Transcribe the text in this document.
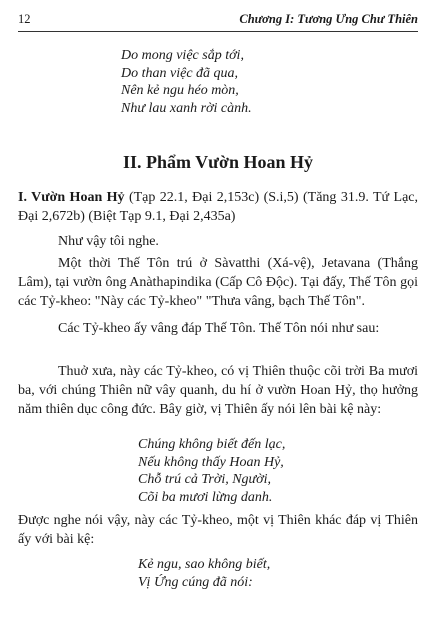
12	Chương I: Tương Ưng Chư Thiên
Do mong việc sắp tới,
Do than việc đã qua,
Nên kẻ ngu héo mòn,
Như lau xanh rời cành.
II. Phẩm Vườn Hoan Hỷ
I. Vườn Hoan Hỷ (Tạp 22.1, Đại 2,153c) (S.i,5) (Tăng 31.9. Tứ Lạc, Đại 2,672b) (Biệt Tạp 9.1, Đại 2,435a)
Như vậy tôi nghe.
Một thời Thế Tôn trú ở Sàvatthi (Xá-vệ), Jetavana (Thắng Lâm), tại vườn ông Anàthapindika (Cấp Cô Độc). Tại đấy, Thế Tôn gọi các Tỷ-kheo: "Này các Tỷ-kheo" "Thưa vâng, bạch Thế Tôn".
Các Tỷ-kheo ấy vâng đáp Thế Tôn. Thế Tôn nói như sau:
Thuở xưa, này các Tỷ-kheo, có vị Thiên thuộc cõi trời Ba mươi ba, với chúng Thiên nữ vây quanh, du hí ở vườn Hoan Hỷ, thọ hưởng năm thiên dục công đức. Bây giờ, vị Thiên ấy nói lên bài kệ này:
Chúng không biết đến lạc,
Nếu không thấy Hoan Hỷ,
Chỗ trú cả Trời, Người,
Cõi ba mươi lừng danh.
Được nghe nói vậy, này các Tỷ-kheo, một vị Thiên khác đáp vị Thiên ấy với bài kệ:
Kẻ ngu, sao không biết,
Vị Ứng cúng đã nói:
